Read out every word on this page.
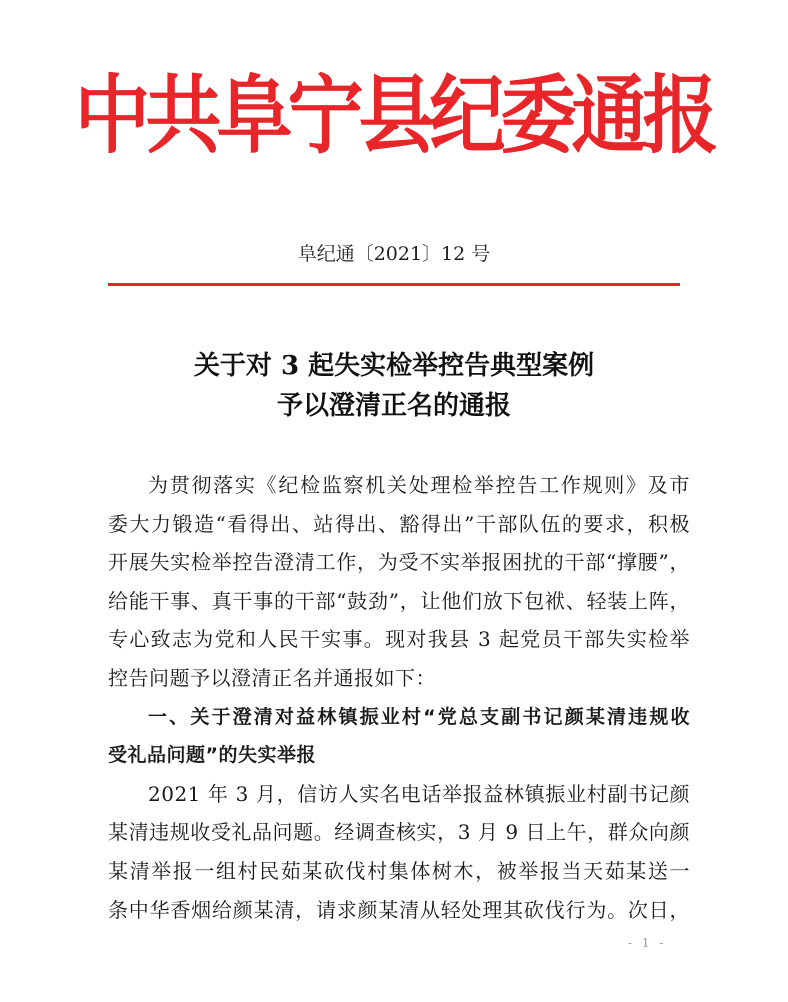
中共阜宁县纪委通报
阜纪通〔2021〕12 号
关于对 3 起失实检举控告典型案例
予以澄清正名的通报
为贯彻落实《纪检监察机关处理检举控告工作规则》及市
委大力锻造“看得出、站得出、豁得出”干部队伍的要求，积极
开展失实检举控告澄清工作，为受不实举报困扰的干部“撑腰”，
给能干事、真干事的干部“鼓劲”，让他们放下包袱、轻装上阵，
专心致志为党和人民干实事。现对我县 3 起党员干部失实检举
控告问题予以澄清正名并通报如下：
一、关于澄清对益林镇振业村“党总支副书记颜某清违规收
受礼品问题”的失实举报
2021 年 3 月，信访人实名电话举报益林镇振业村副书记颜
某清违规收受礼品问题。经调查核实，3 月 9 日上午，群众向颜
某清举报一组村民茹某砍伐村集体树木，被举报当天茹某送一
条中华香烟给颜某清，请求颜某清从轻处理其砍伐行为。次日，
- 1 -
